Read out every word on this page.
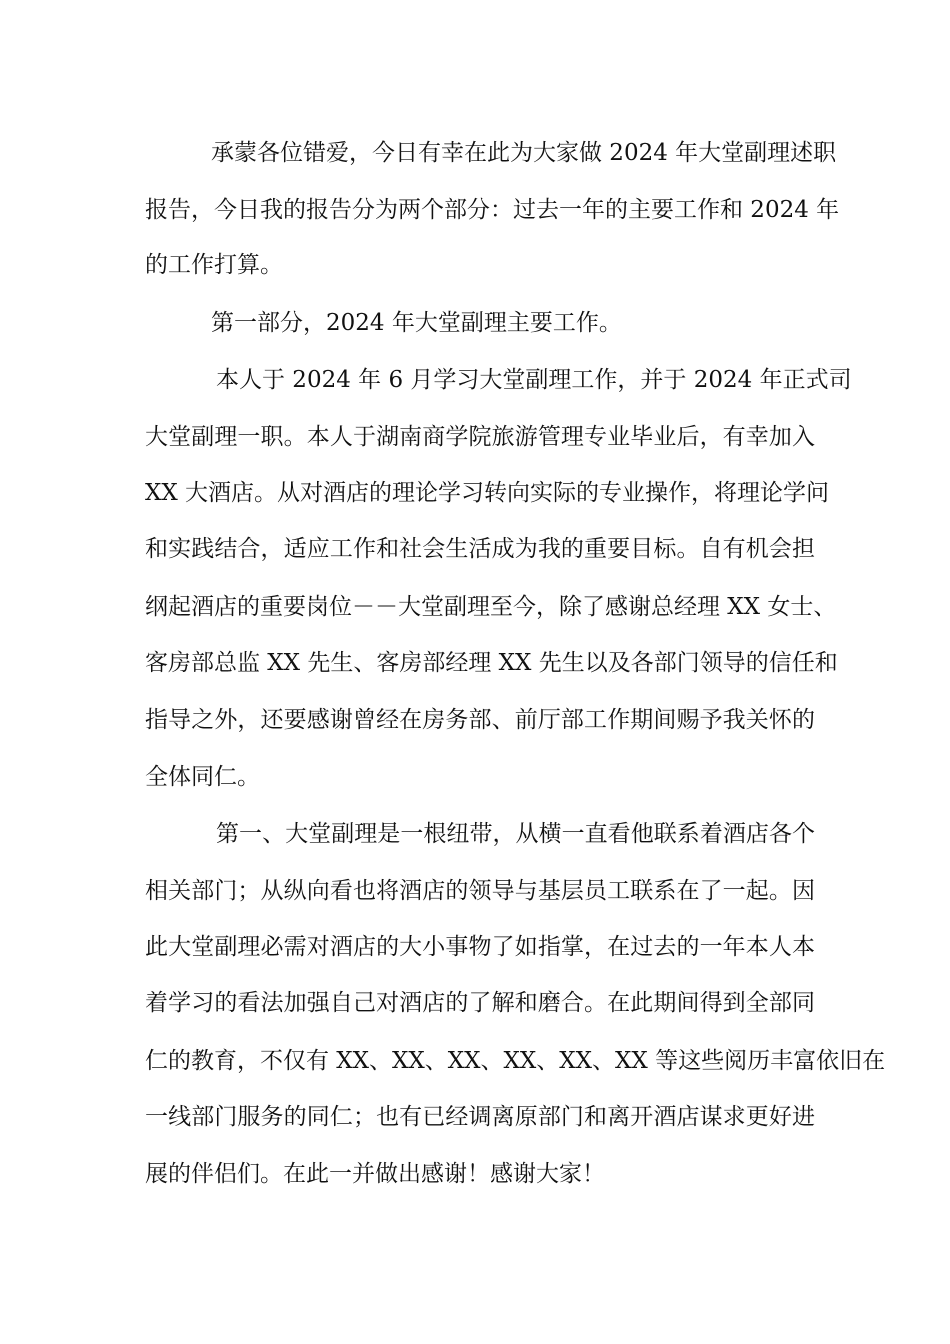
承蒙各位错爱，今日有幸在此为大家做 2024 年大堂副理述职
报告，今日我的报告分为两个部分：过去一年的主要工作和 2024 年
的工作打算。
第一部分，2024 年大堂副理主要工作。
本人于 2024 年 6 月学习大堂副理工作，并于 2024 年正式司
大堂副理一职。本人于湖南商学院旅游管理专业毕业后，有幸加入
XX 大酒店。从对酒店的理论学习转向实际的专业操作，将理论学问
和实践结合，适应工作和社会生活成为我的重要目标。自有机会担
纲起酒店的重要岗位－－大堂副理至今，除了感谢总经理 XX 女士、
客房部总监 XX 先生、客房部经理 XX 先生以及各部门领导的信任和
指导之外，还要感谢曾经在房务部、前厅部工作期间赐予我关怀的
全体同仁。
第一、大堂副理是一根纽带，从横一直看他联系着酒店各个
相关部门；从纵向看也将酒店的领导与基层员工联系在了一起。因
此大堂副理必需对酒店的大小事物了如指掌，在过去的一年本人本
着学习的看法加强自己对酒店的了解和磨合。在此期间得到全部同
仁的教育，不仅有 XX、XX、XX、XX、XX、XX 等这些阅历丰富依旧在
一线部门服务的同仁；也有已经调离原部门和离开酒店谋求更好进
展的伴侣们。在此一并做出感谢！感谢大家！
